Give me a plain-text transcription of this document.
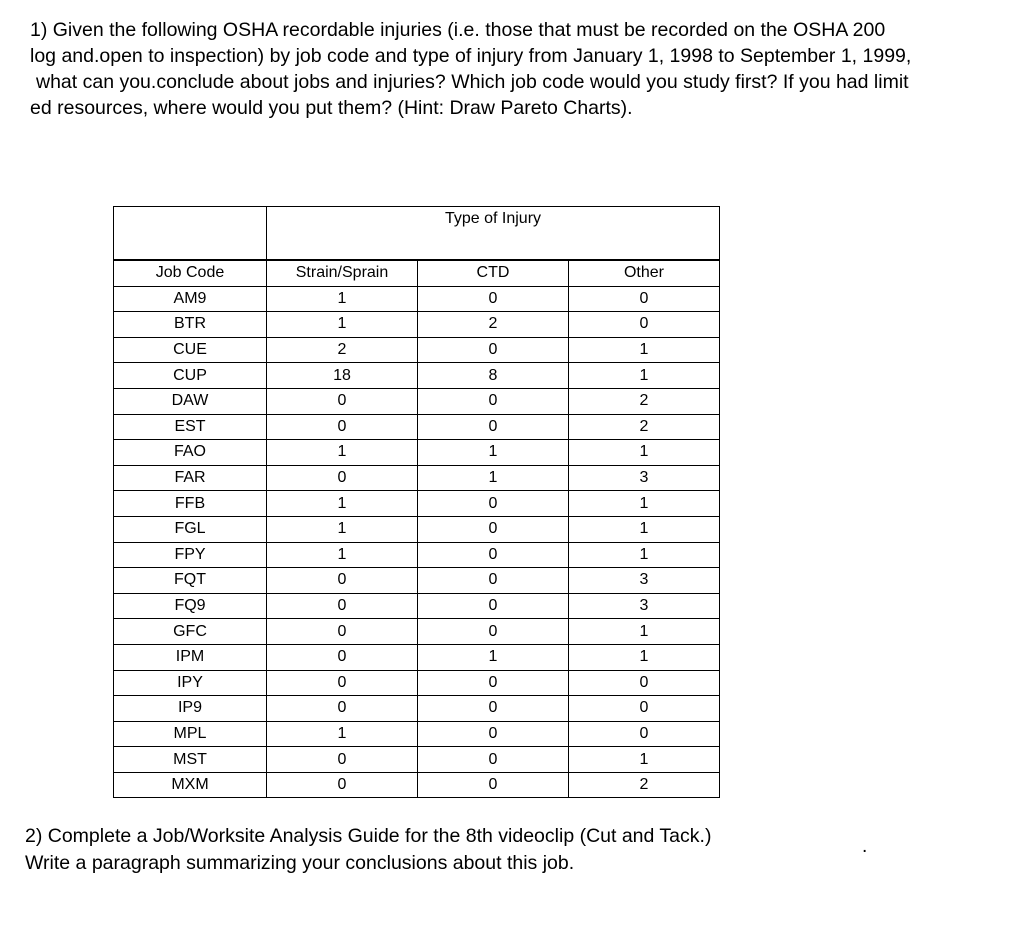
1) Given the following OSHA recordable injuries (i.e. those that must be recorded on the OSHA 200
log and.open to inspection) by job code and type of injury from January 1, 1998 to September 1, 1999,
what can you.conclude about jobs and injuries? Which job code would you study first? If you had limit
ed resources, where would you put them? (Hint: Draw Pareto Charts).
	Type of Injury		
Job Code	Strain/Sprain	CTD	Other
AM9	1	0	0
BTR	1	2	0
CUE	2	0	1
CUP	18	8	1
DAW	0	0	2
EST	0	0	2
FAO	1	1	1
FAR	0	1	3
FFB	1	0	1
FGL	1	0	1
FPY	1	0	1
FQT	0	0	3
FQ9	0	0	3
GFC	0	0	1
IPM	0	1	1
IPY	0	0	0
IP9	0	0	0
MPL	1	0	0
MST	0	0	1
MXM	0	0	2
2) Complete a Job/Worksite Analysis Guide for the 8th videoclip (Cut and Tack.)
Write a paragraph summarizing your conclusions about this job.
.
